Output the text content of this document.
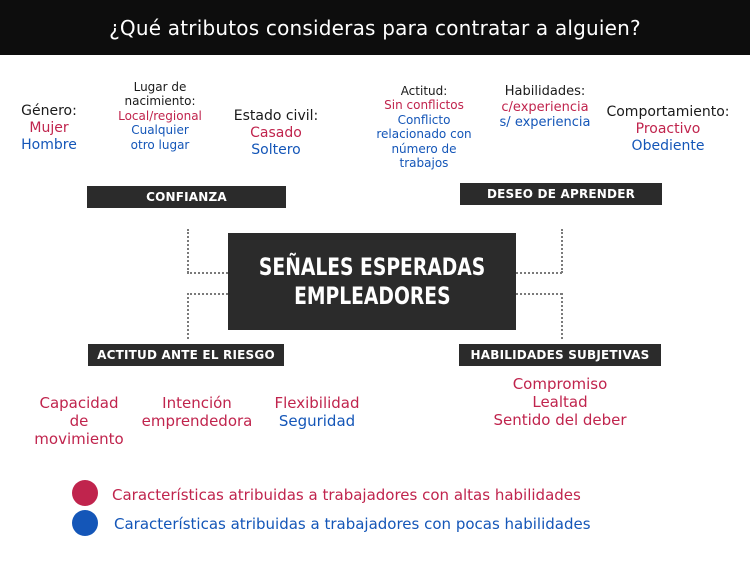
¿Qué atributos consideras para contratar a alguien?
Género:
Mujer
Hombre
Lugar de
nacimiento:
Local/regional
Cualquier
otro lugar
Estado civil:
Casado
Soltero
Actitud:
Sin conflictos
Conflicto
relacionado con
número de
trabajos
Habilidades:
c/experiencia
s/ experiencia
Comportamiento:
Proactivo
Obediente
CONFIANZA	DESEO DE APRENDER
ACTITUD ANTE EL RIESGO	HABILIDADES SUBJETIVAS
SEÑALES ESPERADAS
EMPLEADORES
Capacidad
de
movimiento
Intención
emprendedora
Flexibilidad
Seguridad
Compromiso
Lealtad
Sentido del deber
Características atribuidas a trabajadores con altas habilidades
Características atribuidas a trabajadores con pocas habilidades
